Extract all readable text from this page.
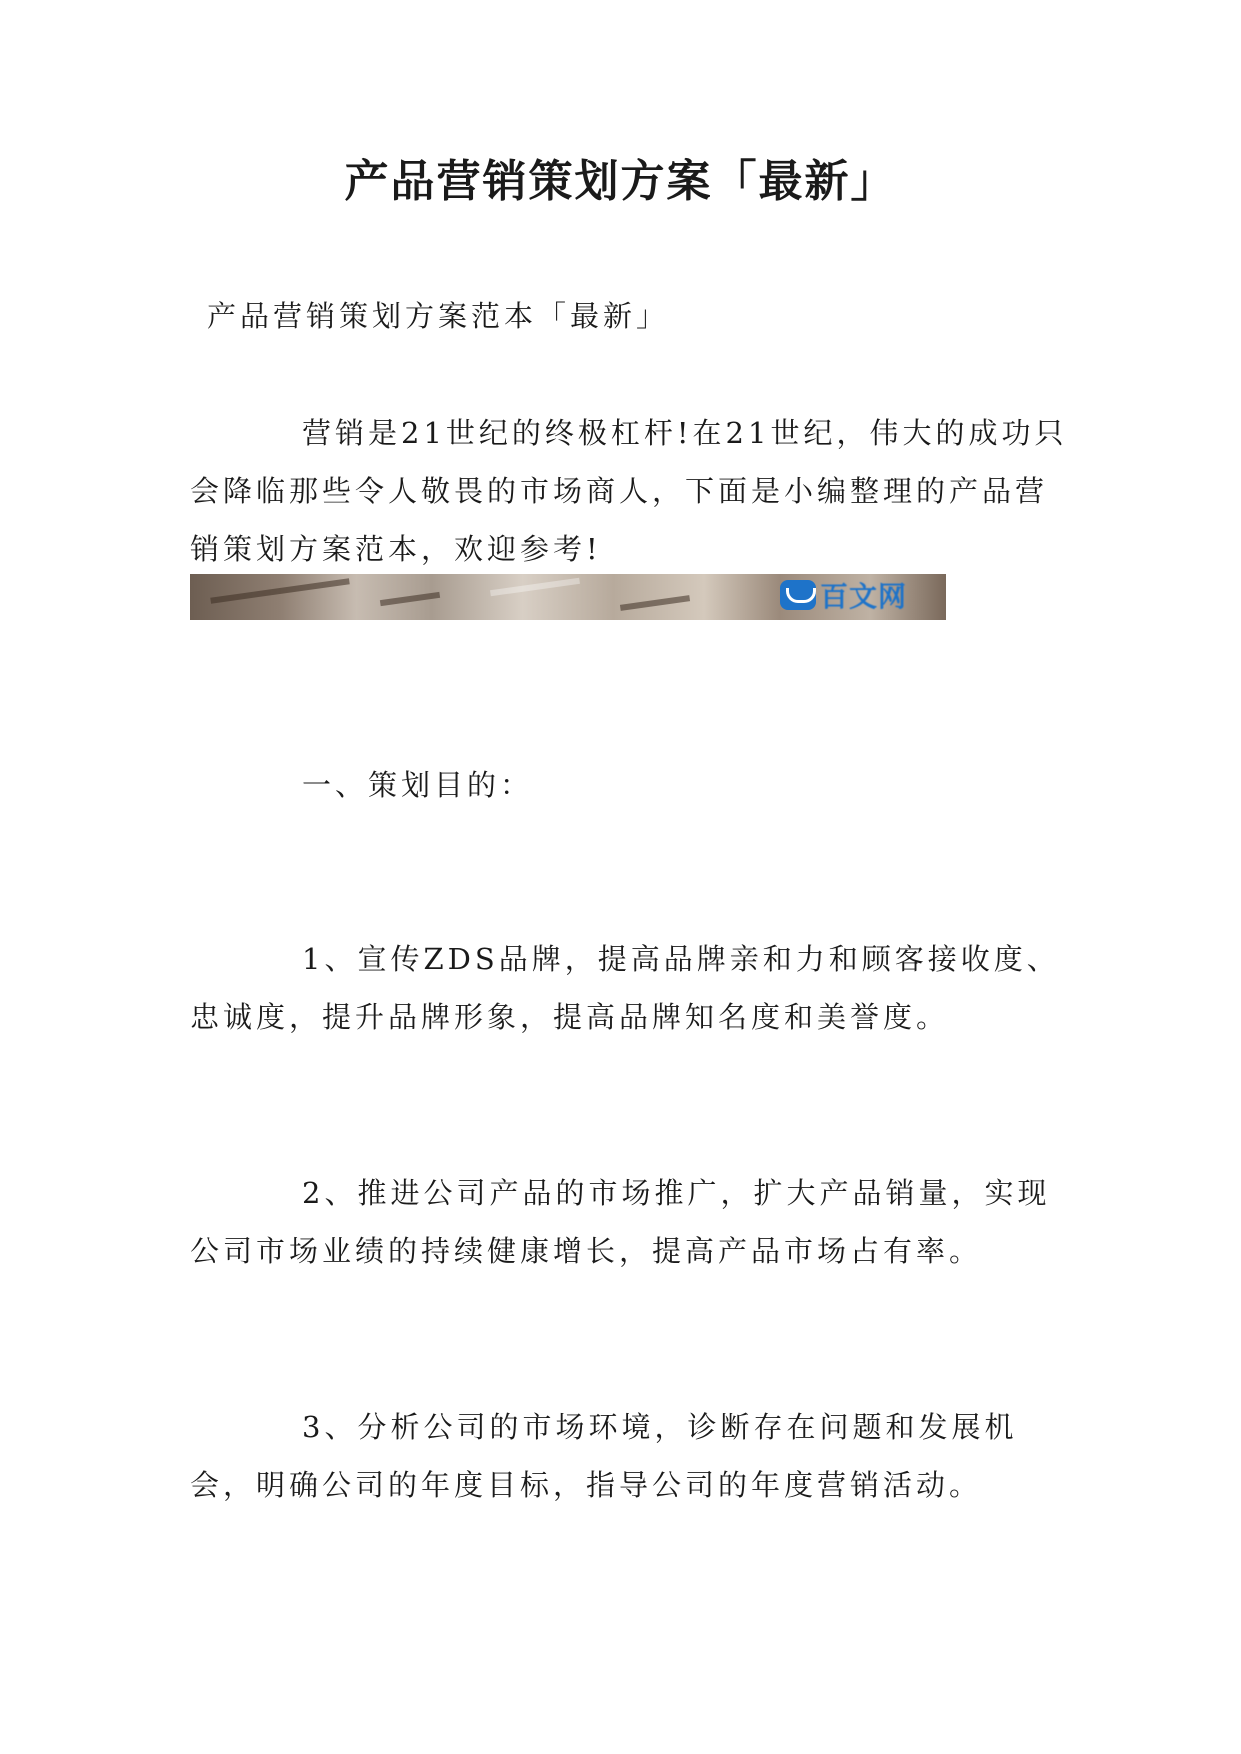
产品营销策划方案「最新」
产品营销策划方案范本「最新」

营销是21世纪的终极杠杆!在21世纪，伟大的成功只会降临那些令人敬畏的市场商人，下面是小编整理的产品营销策划方案范本，欢迎参考!

百文网

一、策划目的：

1、宣传ZDS品牌，提高品牌亲和力和顾客接收度、忠诚度，提升品牌形象，提高品牌知名度和美誉度。

2、推进公司产品的市场推广，扩大产品销量，实现公司市场业绩的持续健康增长，提高产品市场占有率。

3、分析公司的市场环境，诊断存在问题和发展机会，明确公司的年度目标，指导公司的年度营销活动。
